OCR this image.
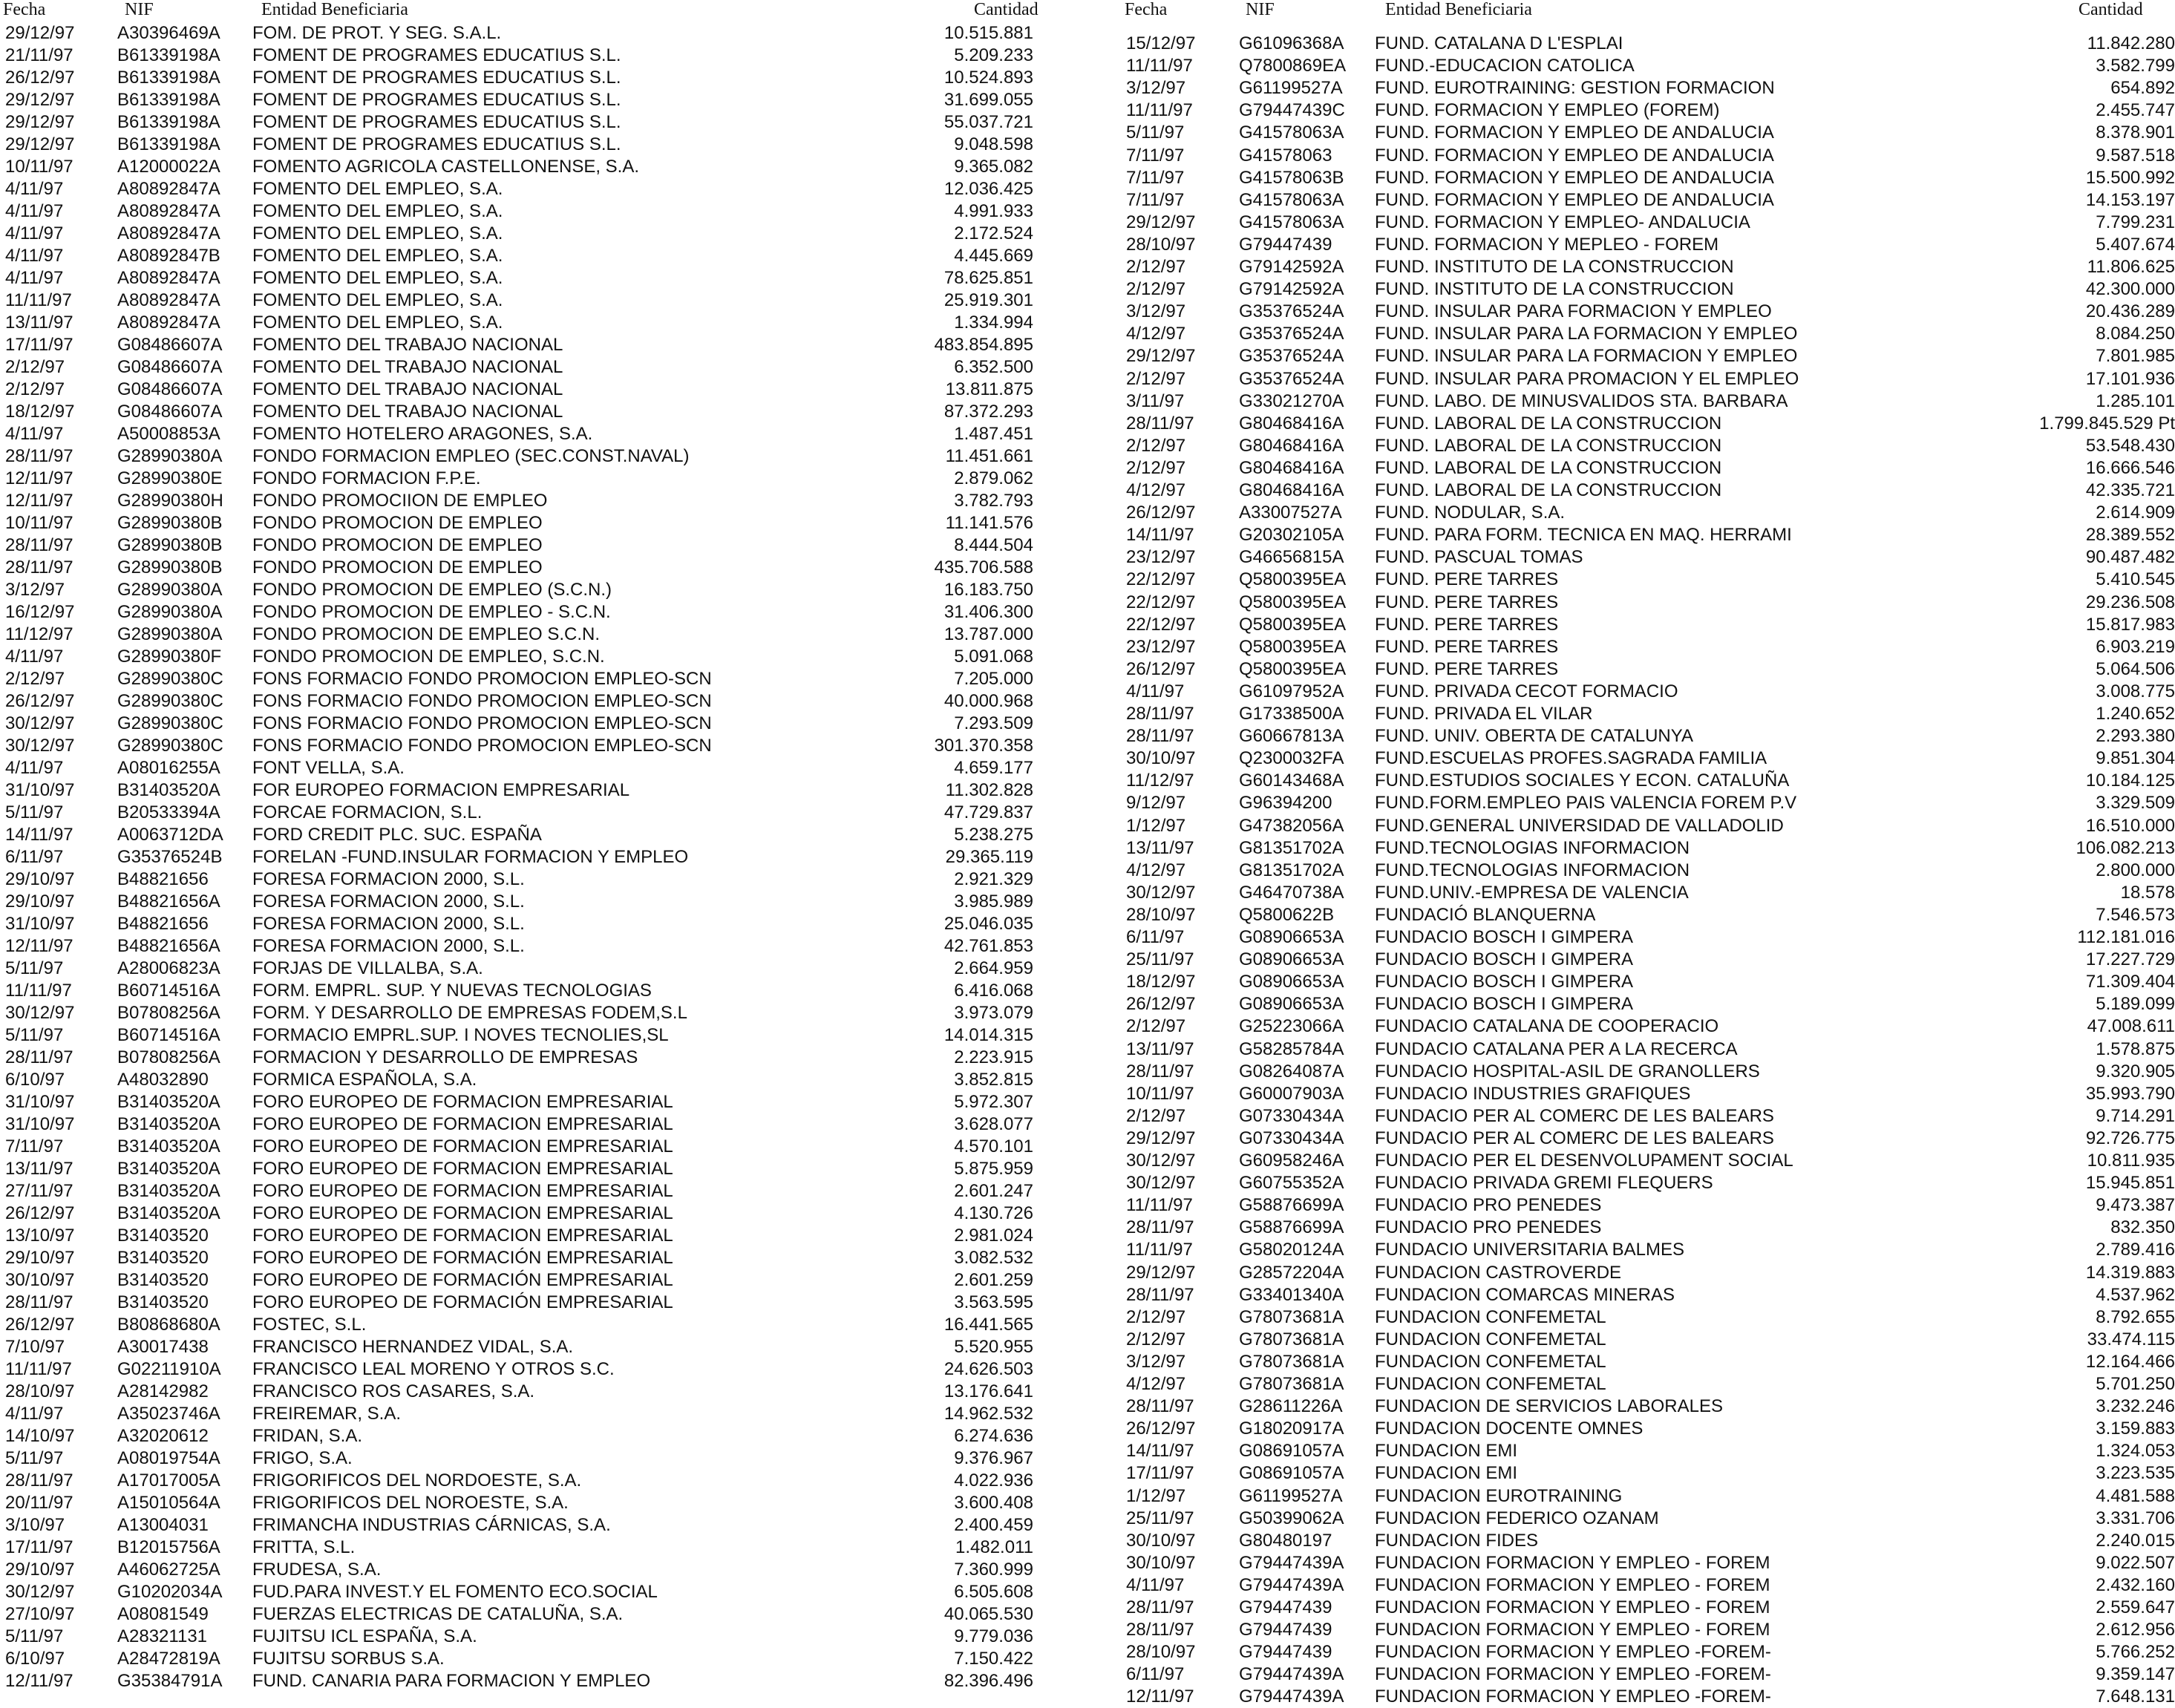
Fecha	NIF	Entidad Beneficiaria	Cantidad
29/12/97 A30396469A FOM. DE PROT. Y SEG. S.A.L.	10.515.881
21/11/97 B61339198A FOMENT DE PROGRAMES EDUCATIUS S.L.	5.209.233
26/12/97 B61339198A FOMENT DE PROGRAMES EDUCATIUS S.L.	10.524.893
29/12/97 B61339198A FOMENT DE PROGRAMES EDUCATIUS S.L.	31.699.055
29/12/97 B61339198A FOMENT DE PROGRAMES EDUCATIUS S.L.	55.037.721
29/12/97 B61339198A FOMENT DE PROGRAMES EDUCATIUS S.L.	9.048.598
10/11/97 A12000022A FOMENTO AGRICOLA CASTELLONENSE, S.A.	9.365.082
4/11/97	A80892847A FOMENTO DEL EMPLEO, S.A.	12.036.425
4/11/97	A80892847A FOMENTO DEL EMPLEO, S.A.	4.991.933
4/11/97	A80892847A FOMENTO DEL EMPLEO, S.A.	2.172.524
4/11/97	A80892847B FOMENTO DEL EMPLEO, S.A.	4.445.669
4/11/97	A80892847A FOMENTO DEL EMPLEO, S.A.	78.625.851
11/11/97	A80892847A FOMENTO DEL EMPLEO, S.A.	25.919.301
13/11/97 A80892847A FOMENTO DEL EMPLEO, S.A.	1.334.994
17/11/97 G08486607A FOMENTO DEL TRABAJO NACIONAL	483.854.895
2/12/97	G08486607A FOMENTO DEL TRABAJO NACIONAL	6.352.500
2/12/97	G08486607A FOMENTO DEL TRABAJO NACIONAL	13.811.875
18/12/97 G08486607A FOMENTO DEL TRABAJO NACIONAL	87.372.293
4/11/97	A50008853A FOMENTO HOTELERO ARAGONES, S.A.	1.487.451
28/11/97 G28990380A FONDO FORMACION EMPLEO (SEC.CONST.NAVAL)	11.451.661
12/11/97 G28990380E FONDO FORMACION F.P.E.	2.879.062
12/11/97 G28990380H FONDO PROMOCIION DE EMPLEO	3.782.793
10/11/97 G28990380B FONDO PROMOCION DE EMPLEO	11.141.576
28/11/97 G28990380B FONDO PROMOCION DE EMPLEO	8.444.504
28/11/97 G28990380B FONDO PROMOCION DE EMPLEO	435.706.588
3/12/97	G28990380A FONDO PROMOCION DE EMPLEO (S.C.N.)	16.183.750
16/12/97 G28990380A FONDO PROMOCION DE EMPLEO - S.C.N.	31.406.300
11/12/97 G28990380A FONDO PROMOCION DE EMPLEO S.C.N.	13.787.000
4/11/97	G28990380F FONDO PROMOCION DE EMPLEO, S.C.N.	5.091.068
2/12/97	G28990380C FONS FORMACIO FONDO PROMOCION EMPLEO-SCN	7.205.000
26/12/97 G28990380C FONS FORMACIO FONDO PROMOCION EMPLEO-SCN	40.000.968
30/12/97 G28990380C FONS FORMACIO FONDO PROMOCION EMPLEO-SCN	7.293.509
30/12/97 G28990380C FONS FORMACIO FONDO PROMOCION EMPLEO-SCN	301.370.358
4/11/97	A08016255A FONT VELLA, S.A.	4.659.177
31/10/97 B31403520A FOR EUROPEO FORMACION EMPRESARIAL	11.302.828
5/11/97	B20533394A FORCAE FORMACION, S.L.	47.729.837
14/11/97 A0063712DA FORD CREDIT PLC. SUC. ESPAÑA	5.238.275
6/11/97	G35376524B FORELAN -FUND.INSULAR FORMACION Y EMPLEO	29.365.119
29/10/97 B48821656 FORESA FORMACION 2000, S.L.	2.921.329
29/10/97 B48821656A FORESA FORMACION 2000, S.L.	3.985.989
31/10/97 B48821656 FORESA FORMACION 2000, S.L.	25.046.035
12/11/97 B48821656A FORESA FORMACION 2000, S.L.	42.761.853
5/11/97	A28006823A FORJAS DE VILLALBA, S.A.	2.664.959
11/11/97	B60714516A FORM. EMPRL. SUP. Y NUEVAS TECNOLOGIAS	6.416.068
30/12/97 B07808256A FORM. Y DESARROLLO DE EMPRESAS FODEM,S.L	3.973.079
5/11/97	B60714516A FORMACIO EMPRL.SUP. I NOVES TECNOLIES,SL	14.014.315
28/11/97 B07808256A FORMACION Y DESARROLLO DE EMPRESAS	2.223.915
6/10/97	A48032890 FORMICA ESPAÑOLA, S.A.	3.852.815
31/10/97 B31403520A FORO EUROPEO DE FORMACION EMPRESARIAL	5.972.307
31/10/97 B31403520A FORO EUROPEO DE FORMACION EMPRESARIAL	3.628.077
7/11/97	B31403520A FORO EUROPEO DE FORMACION EMPRESARIAL	4.570.101
13/11/97 B31403520A FORO EUROPEO DE FORMACION EMPRESARIAL	5.875.959
27/11/97 B31403520A FORO EUROPEO DE FORMACION EMPRESARIAL	2.601.247
26/12/97 B31403520A FORO EUROPEO DE FORMACION EMPRESARIAL	4.130.726
13/10/97 B31403520 FORO EUROPEO DE FORMACION EMPRESARIAL	2.981.024
29/10/97 B31403520 FORO EUROPEO DE FORMACIÓN EMPRESARIAL	3.082.532
30/10/97 B31403520 FORO EUROPEO DE FORMACIÓN EMPRESARIAL	2.601.259
28/11/97 B31403520 FORO EUROPEO DE FORMACIÓN EMPRESARIAL	3.563.595
26/12/97 B80868680A FOSTEC, S.L.	16.441.565
7/10/97	A30017438 FRANCISCO HERNANDEZ VIDAL, S.A.	5.520.955
11/11/97	G02211910A FRANCISCO LEAL MORENO Y OTROS S.C.	24.626.503
28/10/97 A28142982 FRANCISCO ROS CASARES, S.A.	13.176.641
4/11/97	A35023746A FREIREMAR, S.A.	14.962.532
14/10/97 A32020612 FRIDAN, S.A.	6.274.636
5/11/97	A08019754A FRIGO, S.A.	9.376.967
28/11/97 A17017005A FRIGORIFICOS DEL NORDOESTE, S.A.	4.022.936
20/11/97 A15010564A FRIGORIFICOS DEL NOROESTE, S.A.	3.600.408
3/10/97	A13004031 FRIMANCHA INDUSTRIAS CÁRNICAS, S.A.	2.400.459
17/11/97 B12015756A FRITTA, S.L.	1.482.011
29/10/97 A46062725A FRUDESA, S.A.	7.360.999
30/12/97 G10202034A FUD.PARA INVEST.Y EL FOMENTO ECO.SOCIAL	6.505.608
27/10/97 A08081549 FUERZAS ELECTRICAS DE CATALUÑA, S.A.	40.065.530
5/11/97	A28321131	FUJITSU ICL ESPAÑA, S.A.	9.779.036
6/10/97	A28472819A FUJITSU SORBUS S.A.	7.150.422
12/11/97 G35384791A FUND. CANARIA PARA FORMACION Y EMPLEO	82.396.496
Fecha	NIF	Entidad Beneficiaria	Cantidad
15/12/97 G61096368A FUND. CATALANA D L'ESPLAI	11.842.280
11/11/97	Q7800869EA FUND.-EDUCACION CATOLICA	3.582.799
3/12/97	G61199527A FUND. EUROTRAINING: GESTION FORMACION	654.892
11/11/97	G79447439C FUND. FORMACION Y EMPLEO (FOREM)	2.455.747
5/11/97	G41578063A FUND. FORMACION Y EMPLEO DE ANDALUCIA	8.378.901
7/11/97	G41578063 FUND. FORMACION Y EMPLEO DE ANDALUCIA	9.587.518
7/11/97	G41578063B FUND. FORMACION Y EMPLEO DE ANDALUCIA	15.500.992
7/11/97	G41578063A FUND. FORMACION Y EMPLEO DE ANDALUCIA	14.153.197
29/12/97 G41578063A FUND. FORMACION Y EMPLEO- ANDALUCIA	7.799.231
28/10/97 G79447439 FUND. FORMACION Y MEPLEO - FOREM	5.407.674
2/12/97	G79142592A FUND. INSTITUTO DE LA CONSTRUCCION	11.806.625
2/12/97	G79142592A FUND. INSTITUTO DE LA CONSTRUCCION	42.300.000
3/12/97	G35376524A FUND. INSULAR PARA FORMACION Y EMPLEO	20.436.289
4/12/97	G35376524A FUND. INSULAR PARA LA FORMACION Y EMPLEO	8.084.250
29/12/97 G35376524A FUND. INSULAR PARA LA FORMACION Y EMPLEO	7.801.985
2/12/97	G35376524A FUND. INSULAR PARA PROMACION Y EL EMPLEO	17.101.936
3/11/97	G33021270A FUND. LABO. DE MINUSVALIDOS STA. BARBARA	1.285.101
28/11/97	G80468416A FUND. LABORAL DE LA CONSTRUCCION	1.799.845.529 Pt
2/12/97	G80468416A FUND. LABORAL DE LA CONSTRUCCION	53.548.430
2/12/97	G80468416A FUND. LABORAL DE LA CONSTRUCCION	16.666.546
4/12/97	G80468416A FUND. LABORAL DE LA CONSTRUCCION	42.335.721
26/12/97 A33007527A FUND. NODULAR, S.A.	2.614.909
14/11/97	G20302105A FUND. PARA FORM. TECNICA EN MAQ. HERRAMI	28.389.552
23/12/97 G46656815A FUND. PASCUAL TOMAS	90.487.482
22/12/97 Q5800395EA FUND. PERE TARRES	5.410.545
22/12/97 Q5800395EA FUND. PERE TARRES	29.236.508
22/12/97 Q5800395EA FUND. PERE TARRES	15.817.983
23/12/97 Q5800395EA FUND. PERE TARRES	6.903.219
26/12/97 Q5800395EA FUND. PERE TARRES	5.064.506
4/11/97	G61097952A FUND. PRIVADA CECOT FORMACIO	3.008.775
28/11/97	G17338500A FUND. PRIVADA EL VILAR	1.240.652
28/11/97	G60667813A FUND. UNIV. OBERTA DE CATALUNYA	2.293.380
30/10/97 Q2300032FA FUND.ESCUELAS PROFES.SAGRADA FAMILIA	9.851.304
11/12/97	G60143468A FUND.ESTUDIOS SOCIALES Y ECON. CATALUÑA	10.184.125
9/12/97	G96394200 FUND.FORM.EMPLEO PAIS VALENCIA FOREM P.V	3.329.509
1/12/97	G47382056A FUND.GENERAL UNIVERSIDAD DE VALLADOLID	16.510.000
13/11/97	G81351702A FUND.TECNOLOGIAS INFORMACION	106.082.213
4/12/97	G81351702A FUND.TECNOLOGIAS INFORMACION	2.800.000
30/12/97 G46470738A FUND.UNIV.-EMPRESA DE VALENCIA	18.578
28/10/97 Q5800622B FUNDACIÓ BLANQUERNA	7.546.573
6/11/97	G08906653A FUNDACIO BOSCH I GIMPERA	112.181.016
25/11/97	G08906653A FUNDACIO BOSCH I GIMPERA	17.227.729
18/12/97 G08906653A FUNDACIO BOSCH I GIMPERA	71.309.404
26/12/97 G08906653A FUNDACIO BOSCH I GIMPERA	5.189.099
2/12/97	G25223066A FUNDACIO CATALANA DE COOPERACIO	47.008.611
13/11/97	G58285784A FUNDACIO CATALANA PER A LA RECERCA	1.578.875
28/11/97	G08264087A FUNDACIO HOSPITAL-ASIL DE GRANOLLERS	9.320.905
10/11/97	G60007903A FUNDACIO INDUSTRIES GRAFIQUES	35.993.790
2/12/97	G07330434A FUNDACIO PER AL COMERC DE LES BALEARS	9.714.291
29/12/97 G07330434A FUNDACIO PER AL COMERC DE LES BALEARS	92.726.775
30/12/97 G60958246A FUNDACIO PER EL DESENVOLUPAMENT SOCIAL	10.811.935
30/12/97 G60755352A FUNDACIO PRIVADA GREMI FLEQUERS	15.945.851
11/11/97	G58876699A FUNDACIO PRO PENEDES	9.473.387
28/11/97	G58876699A FUNDACIO PRO PENEDES	832.350
11/11/97	G58020124A FUNDACIO UNIVERSITARIA BALMES	2.789.416
29/12/97 G28572204A FUNDACION CASTROVERDE	14.319.883
28/11/97	G33401340A FUNDACION COMARCAS MINERAS	4.537.962
2/12/97	G78073681A FUNDACION CONFEMETAL	8.792.655
2/12/97	G78073681A FUNDACION CONFEMETAL	33.474.115
3/12/97	G78073681A FUNDACION CONFEMETAL	12.164.466
4/12/97	G78073681A FUNDACION CONFEMETAL	5.701.250
28/11/97	G28611226A FUNDACION DE SERVICIOS LABORALES	3.232.246
26/12/97 G18020917A FUNDACION DOCENTE OMNES	3.159.883
14/11/97	G08691057A FUNDACION EMI	1.324.053
17/11/97	G08691057A FUNDACION EMI	3.223.535
1/12/97	G61199527A FUNDACION EUROTRAINING	4.481.588
25/11/97	G50399062A FUNDACION FEDERICO OZANAM	3.331.706
30/10/97 G80480197 FUNDACION FIDES	2.240.015
30/10/97 G79447439A FUNDACION FORMACION Y EMPLEO - FOREM	9.022.507
4/11/97	G79447439A FUNDACION FORMACION Y EMPLEO - FOREM	2.432.160
28/11/97	G79447439 FUNDACION FORMACION Y EMPLEO - FOREM	2.559.647
28/11/97	G79447439 FUNDACION FORMACION Y EMPLEO - FOREM	2.612.956
28/10/97 G79447439 FUNDACION FORMACION Y EMPLEO -FOREM-	5.766.252
6/11/97	G79447439A FUNDACION FORMACION Y EMPLEO -FOREM-	9.359.147
12/11/97	G79447439A FUNDACION FORMACION Y EMPLEO -FOREM-	7.648.131
